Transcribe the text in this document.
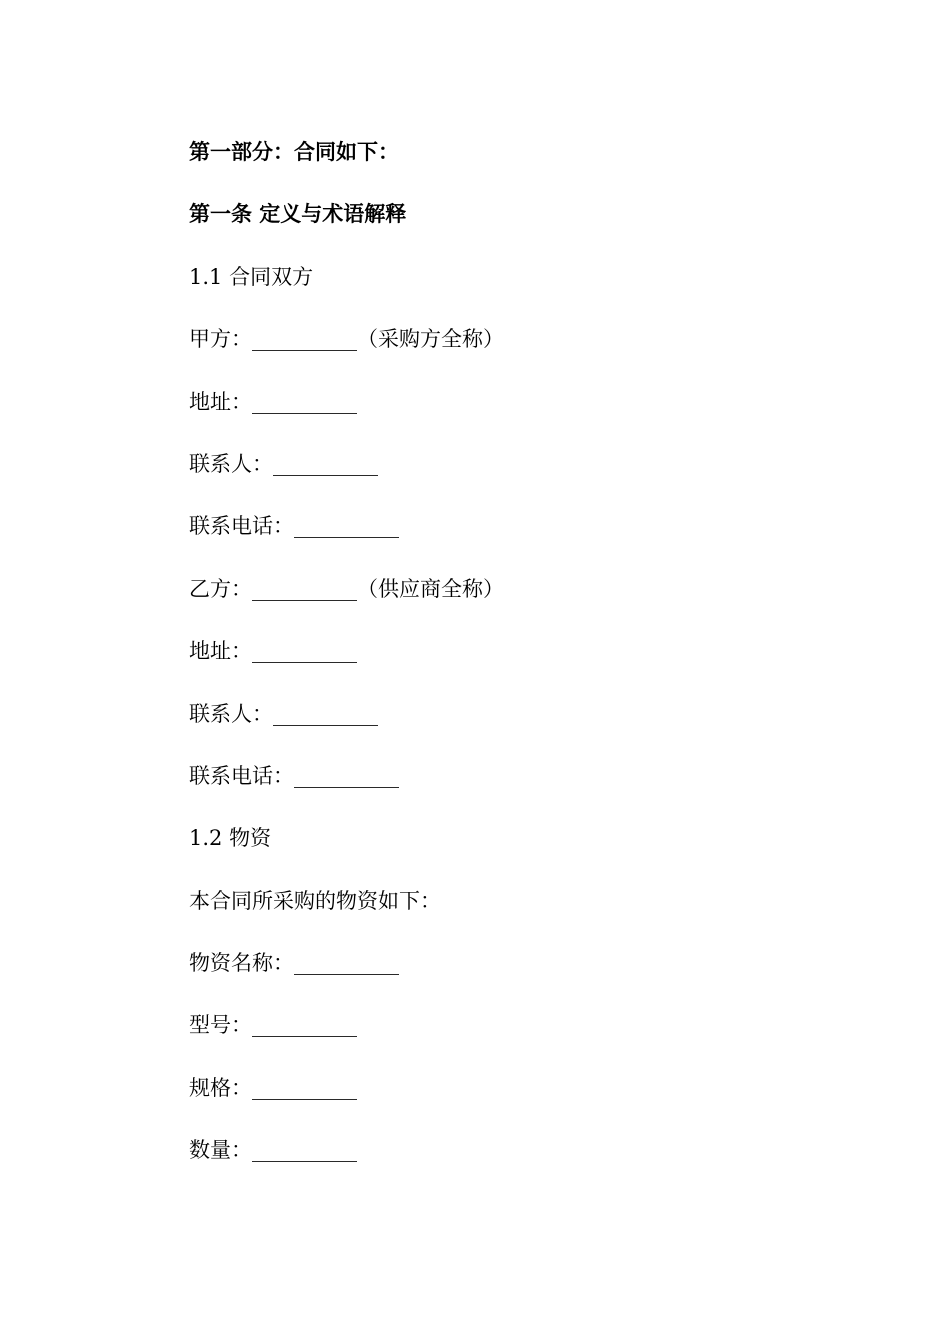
第一部分：合同如下：
第一条 定义与术语解释
1.1 合同双方
甲方：__________（采购方全称）
地址：__________
联系人：__________
联系电话：__________
乙方：__________（供应商全称）
地址：__________
联系人：__________
联系电话：__________
1.2 物资
本合同所采购的物资如下：
物资名称：__________
型号：__________
规格：__________
数量：__________
